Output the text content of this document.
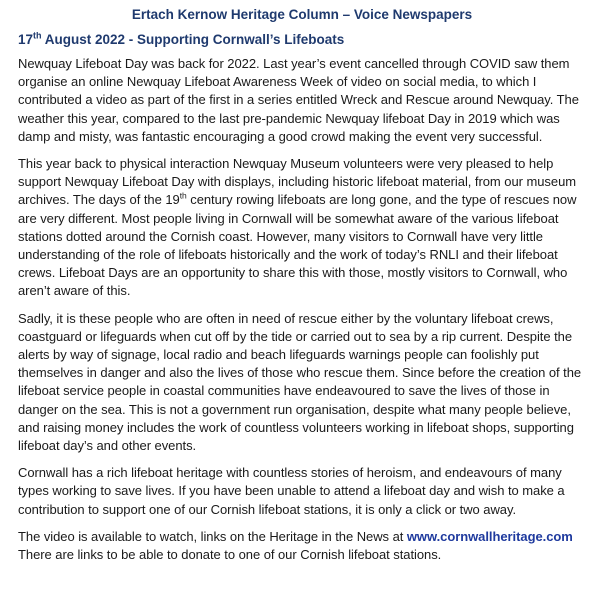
Ertach Kernow Heritage Column – Voice Newspapers
17th August 2022 - Supporting Cornwall’s Lifeboats

Newquay Lifeboat Day was back for 2022. Last year’s event cancelled through COVID saw them organise an online Newquay Lifeboat Awareness Week of video on social media, to which I contributed a video as part of the first in a series entitled Wreck and Rescue around Newquay. The weather this year, compared to the last pre-pandemic Newquay lifeboat Day in 2019 which was damp and misty, was fantastic encouraging a good crowd making the event very successful.

This year back to physical interaction Newquay Museum volunteers were very pleased to help support Newquay Lifeboat Day with displays, including historic lifeboat material, from our museum archives. The days of the 19th century rowing lifeboats are long gone, and the type of rescues now are very different. Most people living in Cornwall will be somewhat aware of the various lifeboat stations dotted around the Cornish coast. However, many visitors to Cornwall have very little understanding of the role of lifeboats historically and the work of today’s RNLI and their lifeboat crews. Lifeboat Days are an opportunity to share this with those, mostly visitors to Cornwall, who aren’t aware of this.

Sadly, it is these people who are often in need of rescue either by the voluntary lifeboat crews, coastguard or lifeguards when cut off by the tide or carried out to sea by a rip current. Despite the alerts by way of signage, local radio and beach lifeguards warnings people can foolishly put themselves in danger and also the lives of those who rescue them. Since before the creation of the lifeboat service people in coastal communities have endeavoured to save the lives of those in danger on the sea. This is not a government run organisation, despite what many people believe, and raising money includes the work of countless volunteers working in lifeboat shops, supporting lifeboat day’s and other events.

Cornwall has a rich lifeboat heritage with countless stories of heroism, and endeavours of many types working to save lives. If you have been unable to attend a lifeboat day and wish to make a contribution to support one of our Cornish lifeboat stations, it is only a click or two away.

The video is available to watch, links on the Heritage in the News at www.cornwallheritage.com

There are links to be able to donate to one of our Cornish lifeboat stations.
